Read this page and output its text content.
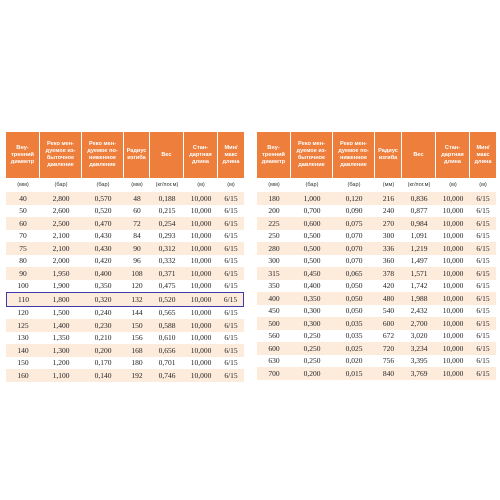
Вну-тренний диаметр	Реко мен-дуемое из-быточное давление	Реко мен-дуемое по-ниженное давление	Радиус изгиба	Вес	Стан-дартная длина	Мин/ макс длина
(мм)	(бар)	(бар)	(мм)	(кг/пог.м)	(м)	(м)
40	2,800	0,570	48	0,188	10,000	6/15
50	2,600	0,520	60	0,215	10,000	6/15
60	2,500	0,470	72	0,254	10,000	6/15
70	2,100	0,430	84	0,293	10,000	6/15
75	2,100	0,430	90	0,312	10,000	6/15
80	2,000	0,420	96	0,332	10,000	6/15
90	1,950	0,400	108	0,371	10,000	6/15
100	1,900	0,350	120	0,475	10,000	6/15
110	1,800	0,320	132	0,520	10,000	6/15
120	1,500	0,240	144	0,565	10,000	6/15
125	1,400	0,230	150	0,588	10,000	6/15
130	1,350	0,210	156	0,610	10,000	6/15
140	1,300	0,200	168	0,656	10,000	6/15
150	1,200	0,170	180	0,701	10,000	6/15
160	1,100	0,140	192	0,746	10,000	6/15
Вну-тренний диаметр	Реко мен-дуемое из-быточное давление	Реко мен-дуемое по-ниженное давление	Радиус изгиба	Вес	Стан-дартная длина	Мин/ макс длина
(мм)	(бар)	(бар)	(мм)	(кг/пог.м)	(м)	(м)
180	1,000	0,120	216	0,836	10,000	6/15
200	0,700	0,090	240	0,877	10,000	6/15
225	0,600	0,075	270	0,984	10,000	6/15
250	0,500	0,070	300	1,091	10,000	6/15
280	0,500	0,070	336	1,219	10,000	6/15
300	0,500	0,070	360	1,497	10,000	6/15
315	0,450	0,065	378	1,571	10,000	6/15
350	0,400	0,050	420	1,742	10,000	6/15
400	0,350	0,050	480	1,988	10,000	6/15
450	0,300	0,050	540	2,432	10,000	6/15
500	0,300	0,035	600	2,700	10,000	6/15
560	0,250	0,035	672	3,020	10,000	6/15
600	0,250	0,025	720	3,234	10,000	6/15
630	0,250	0,020	756	3,395	10,000	6/15
700	0,200	0,015	840	3,769	10,000	6/15
